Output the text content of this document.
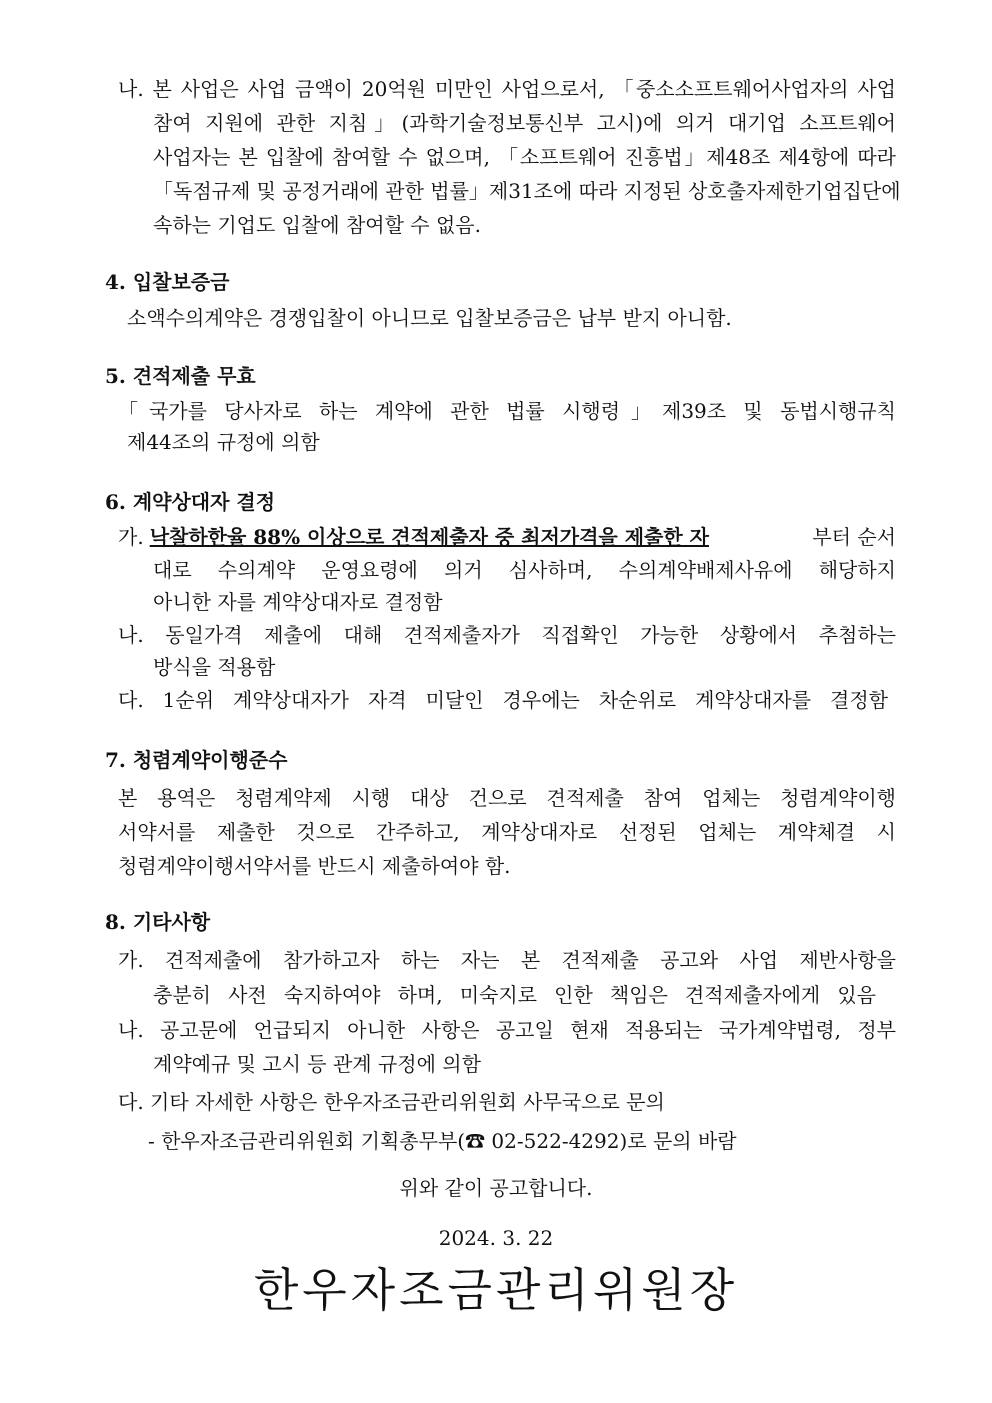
나. 본 사업은 사업 금액이 20억원 미만인 사업으로서, 「중소소프트웨어사업자의 사업
참여 지원에 관한 지침」(과학기술정보통신부 고시)에 의거 대기업 소프트웨어
사업자는 본 입찰에 참여할 수 없으며, 「소프트웨어 진흥법」제48조 제4항에 따라
「독점규제 및 공정거래에 관한 법률」제31조에 따라 지정된 상호출자제한기업집단에
속하는 기업도 입찰에 참여할 수 없음.
4. 입찰보증금
소액수의계약은 경쟁입찰이 아니므로 입찰보증금은 납부 받지 아니함.
5. 견적제출 무효
「국가를 당사자로 하는 계약에 관한 법률 시행령」제39조 및 동법시행규칙
제44조의 규정에 의함
6. 계약상대자 결정
가. 낙찰하한율 88% 이상으로 견적제출자 중 최저가격을 제출한 자	부터 순서
대로 수의계약 운영요령에 의거 심사하며, 수의계약배제사유에 해당하지
아니한 자를 계약상대자로 결정함
나. 동일가격 제출에 대해 견적제출자가 직접확인 가능한 상황에서 추첨하는
방식을 적용함
다. 1순위 계약상대자가 자격 미달인 경우에는 차순위로 계약상대자를 결정함
7. 청렴계약이행준수
본 용역은 청렴계약제 시행 대상 건으로 견적제출 참여 업체는 청렴계약이행
서약서를 제출한 것으로 간주하고, 계약상대자로 선정된 업체는 계약체결 시
청렴계약이행서약서를 반드시 제출하여야 함.
8. 기타사항
가. 견적제출에 참가하고자 하는 자는 본 견적제출 공고와 사업 제반사항을
충분히 사전 숙지하여야 하며, 미숙지로 인한 책임은 견적제출자에게 있음
나. 공고문에 언급되지 아니한 사항은 공고일 현재 적용되는 국가계약법령, 정부
계약예규 및 고시 등 관계 규정에 의함
다. 기타 자세한 사항은 한우자조금관리위원회 사무국으로 문의
- 한우자조금관리위원회 기획총무부(☎ 02-522-4292)로 문의 바람
위와 같이 공고합니다.
2024. 3. 22
한우자조금관리위원장
